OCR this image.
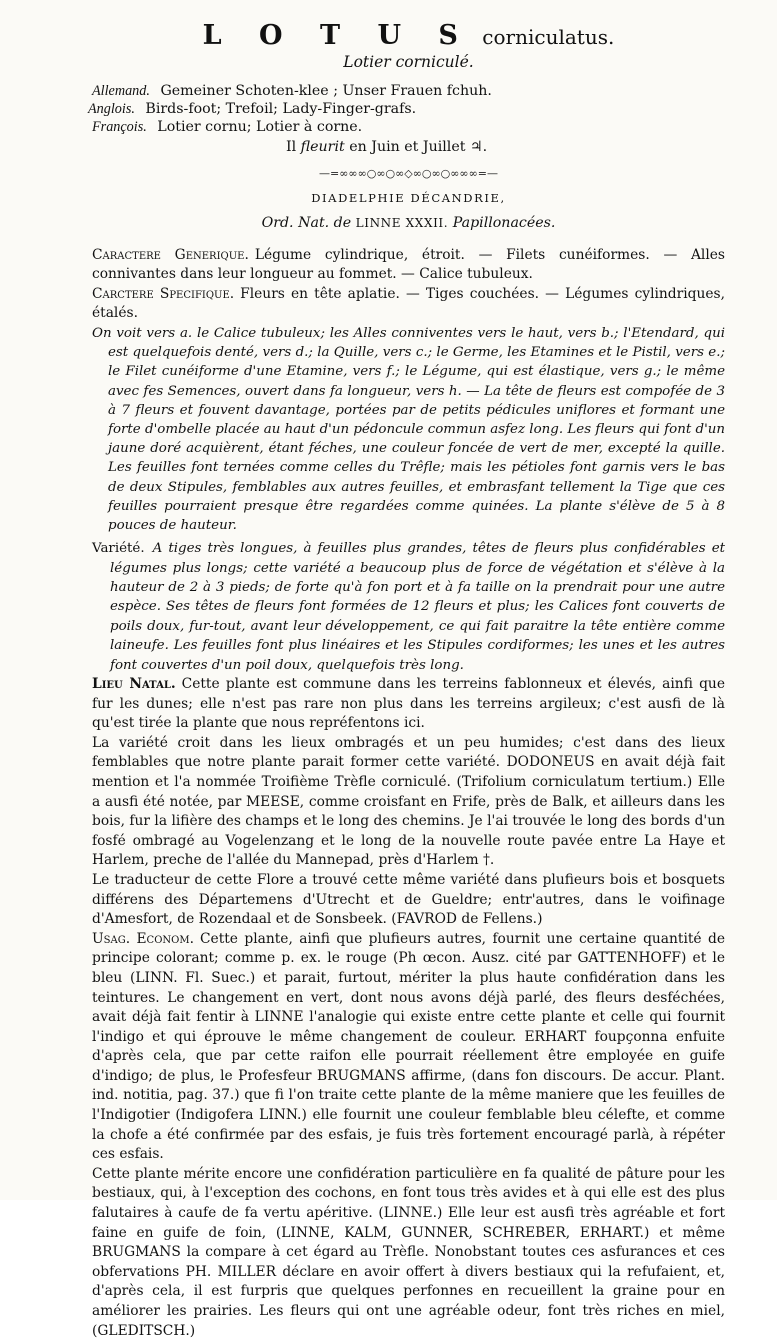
L O T U S corniculatus.
Lotier corniculé.
Allemand. Gemeiner Schoten-klee ; Unser Frauen fchuh.
Anglois. Birds-foot; Trefoil; Lady-Finger-grafs.
François. Lotier cornu; Lotier à corne.
Il fleurit en Juin et Juillet ♃.
—=∞∞∞○∞○∞◇∞○∞○∞∞∞=—
DIADELPHIE DÉCANDRIE,
Ord. Nat. de LINNE XXXII. Papillonacées.

Caractere Generique. Légume cylindrique, étroit. — Filets cunéiformes. — Alles connivantes dans leur longueur au fommet. — Calice tubuleux.

Carctere Specifique. Fleurs en tête aplatie. — Tiges couchées. — Légumes cylindriques, étalés.

On voit vers a. le Calice tubuleux; les Alles conniventes vers le haut, vers b.; l'Etendard, qui est quelquefois denté, vers d.; la Quille, vers c.; le Germe, les Etamines et le Pistil, vers e.; le Filet cunéiforme d'une Etamine, vers f.; le Légume, qui est élastique, vers g.; le même avec fes Semences, ouvert dans fa longueur, vers h. — La tête de fleurs est compofée de 3 à 7 fleurs et fouvent davantage, portées par de petits pédicules uniflores et formant une forte d'ombelle placée au haut d'un pédoncule commun asfez long. Les fleurs qui font d'un jaune doré acquièrent, étant féches, une couleur foncée de vert de mer, excepté la quille. Les feuilles font ternées comme celles du Trêfle; mais les pétioles font garnis vers le bas de deux Stipules, femblables aux autres feuilles, et embrasfant tellement la Tige que ces feuilles pourraient presque être regardées comme quinées. La plante s'élève de 5 à 8 pouces de hauteur.

Variété. A tiges très longues, à feuilles plus grandes, têtes de fleurs plus confidérables et légumes plus longs; cette variété a beaucoup plus de force de végétation et s'élève à la hauteur de 2 à 3 pieds; de forte qu'à fon port et à fa taille on la prendrait pour une autre espèce. Ses têtes de fleurs font formées de 12 fleurs et plus; les Calices font couverts de poils doux, fur-tout, avant leur développement, ce qui fait paraitre la tête entière comme laineufe. Les feuilles font plus linéaires et les Stipules cordiformes; les unes et les autres font couvertes d'un poil doux, quelquefois très long.

Lieu Natal. Cette plante est commune dans les terreins fablonneux et élevés, ainfi que fur les dunes; elle n'est pas rare non plus dans les terreins argileux; c'est ausfi de là qu'est tirée la plante que nous repréfentons ici.

La variété croit dans les lieux ombragés et un peu humides; c'est dans des lieux femblables que notre plante parait former cette variété. DODONEUS en avait déjà fait mention et l'a nommée Troifième Trèfle corniculé. (Trifolium corniculatum tertium.) Elle a ausfi été notée, par MEESE, comme croisfant en Frife, près de Balk, et ailleurs dans les bois, fur la lifière des champs et le long des chemins. Je l'ai trouvée le long des bords d'un fosfé ombragé au Vogelenzang et le long de la nouvelle route pavée entre La Haye et Harlem, preche de l'allée du Mannepad, près d'Harlem †.

Le traducteur de cette Flore a trouvé cette même variété dans plufieurs bois et bosquets différens des Départemens d'Utrecht et de Gueldre; entr'autres, dans le voifinage d'Amesfort, de Rozendaal et de Sonsbeek. (FAVROD de Fellens.)

Usag. Econom. Cette plante, ainfi que plufieurs autres, fournit une certaine quantité de principe colorant; comme p. ex. le rouge (Ph œcon. Ausz. cité par GATTENHOFF) et le bleu (LINN. Fl. Suec.) et parait, furtout, mériter la plus haute confidération dans les teintures. Le changement en vert, dont nous avons déjà parlé, des fleurs desféchées, avait déjà fait fentir à LINNE l'analogie qui existe entre cette plante et celle qui fournit l'indigo et qui éprouve le même changement de couleur. ERHART foupçonna enfuite d'après cela, que par cette raifon elle pourrait réellement être employée en guife d'indigo; de plus, le Profesfeur BRUGMANS affirme, (dans fon discours. De accur. Plant. ind. notitia, pag. 37.) que fi l'on traite cette plante de la même maniere que les feuilles de l'Indigotier (Indigofera LINN.) elle fournit une couleur femblable bleu célefte, et comme la chofe a été confirmée par des esfais, je fuis très fortement encouragé parlà, à répéter ces esfais.

Cette plante mérite encore une confidération particulière en fa qualité de pâture pour les bestiaux, qui, à l'exception des cochons, en font tous très avides et à qui elle est des plus falutaires à caufe de fa vertu apéritive. (LINNE.) Elle leur est ausfi très agréable et fort faine en guife de foin, (LINNE, KALM, GUNNER, SCHREBER, ERHART.) et même BRUGMANS la compare à cet égard au Trèfle. Nonobstant toutes ces asfurances et ces obfervations PH. MILLER déclare en avoir offert à divers bestiaux qui la refufaient, et, d'après cela, il est furpris que quelques perfonnes en recueillent la graine pour en améliorer les prairies. Les fleurs qui ont une agréable odeur, font très riches en miel, (GLEDITSCH.)
